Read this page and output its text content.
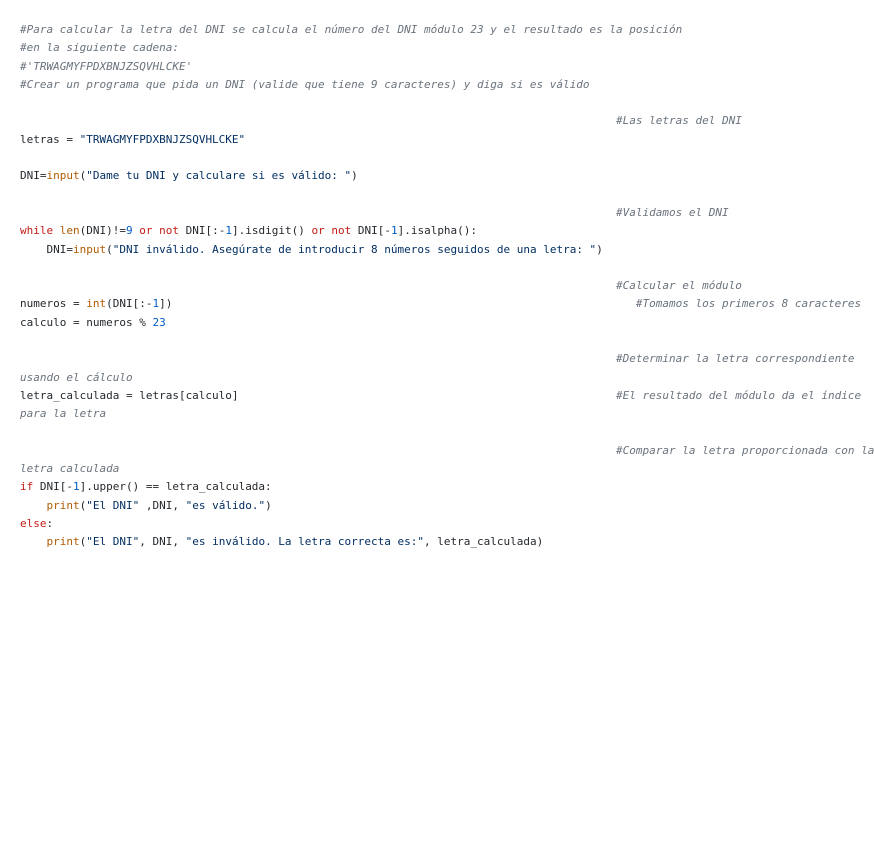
#Para calcular la letra del DNI se calcula el número del DNI módulo 23 y el resultado es la posición
#en la siguiente cadena:
#'TRWAGMYFPDXBNJZSQVHLCKE'
#Crear un programa que pida un DNI (valide que tiene 9 caracteres) y diga si es válido

#Las letras del DNI
letras = "TRWAGMYFPDXBNJZSQVHLCKE"

DNI=input("Dame tu DNI y calculare si es válido: ")

#Validamos el DNI
while len(DNI)!=9 or not DNI[:-1].isdigit() or not DNI[-1].isalpha():
DNI=input("DNI inválido. Asegúrate de introducir 8 números seguidos de una letra: ")

#Calcular el módulo
numeros = int(DNI[:-1])                                                                      #Tomamos los primeros 8 caracteres
calculo = numeros % 23

#Determinar la letra correspondiente
usando el cálculo
letra_calculada = letras[calculo]                                                         #El resultado del módulo da el índice
para la letra

#Comparar la letra proporcionada con la
letra calculada
if DNI[-1].upper() == letra_calculada:
print("El DNI" ,DNI, "es válido.")
else:
print("El DNI", DNI, "es inválido. La letra correcta es:", letra_calculada)
